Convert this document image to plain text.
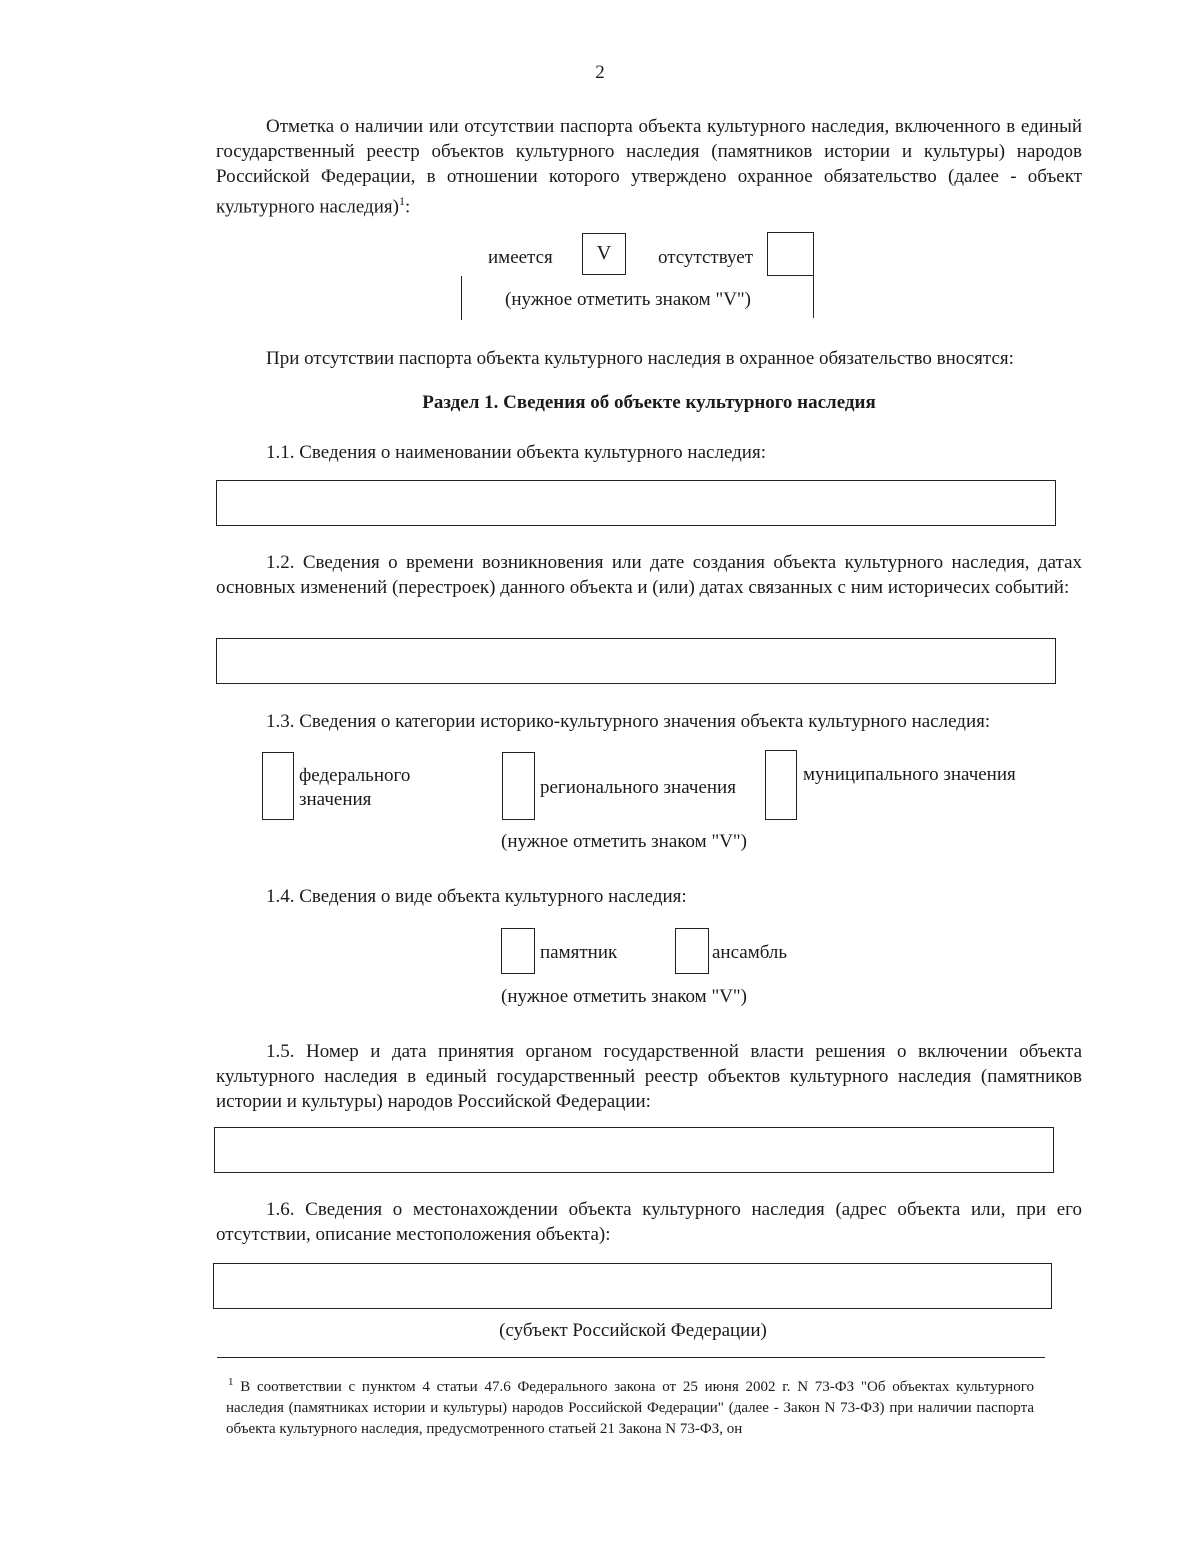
2
Отметка о наличии или отсутствии паспорта объекта культурного наследия, включенного в единый государственный реестр объектов культурного наследия (памятников истории и культуры) народов Российской Федерации, в отношении которого утверждено охранное обязательство (далее - объект культурного наследия)$^1$:
имеется	V	отсутствует
(нужное отметить знаком "V")
При отсутствии паспорта объекта культурного наследия в охранное обязательство вносятся:
Раздел 1. Сведения об объекте культурного наследия
1.1. Сведения о наименовании объекта культурного наследия:
1.2. Сведения о времени возникновения или дате создания объекта культурного наследия, датах основных изменений (перестроек) данного объекта и (или) датах связанных с ним историчесих событий:
1.3. Сведения о категории историко-культурного значения объекта культурного наследия:
федерального
значения
регионального значения
муниципального значения
(нужное отметить знаком "V")
1.4. Сведения о виде объекта культурного наследия:
памятник	ансамбль
(нужное отметить знаком "V")
1.5. Номер и дата принятия органом государственной власти решения о включении объекта культурного наследия в единый государственный реестр объектов культурного наследия (памятников истории и культуры) народов Российской Федерации:
1.6. Сведения о местонахождении объекта культурного наследия (адрес объекта или, при его отсутствии, описание местоположения объекта):
(субъект Российской Федерации)
$^1$ В соответствии с пунктом 4 статьи 47.6 Федерального закона от 25 июня 2002 г. N 73-ФЗ "Об объектах культурного наследия (памятниках истории и культуры) народов Российской Федерации" (далее - Закон N 73-ФЗ) при наличии паспорта объекта культурного наследия, предусмотренного статьей 21 Закона N 73-ФЗ, он
